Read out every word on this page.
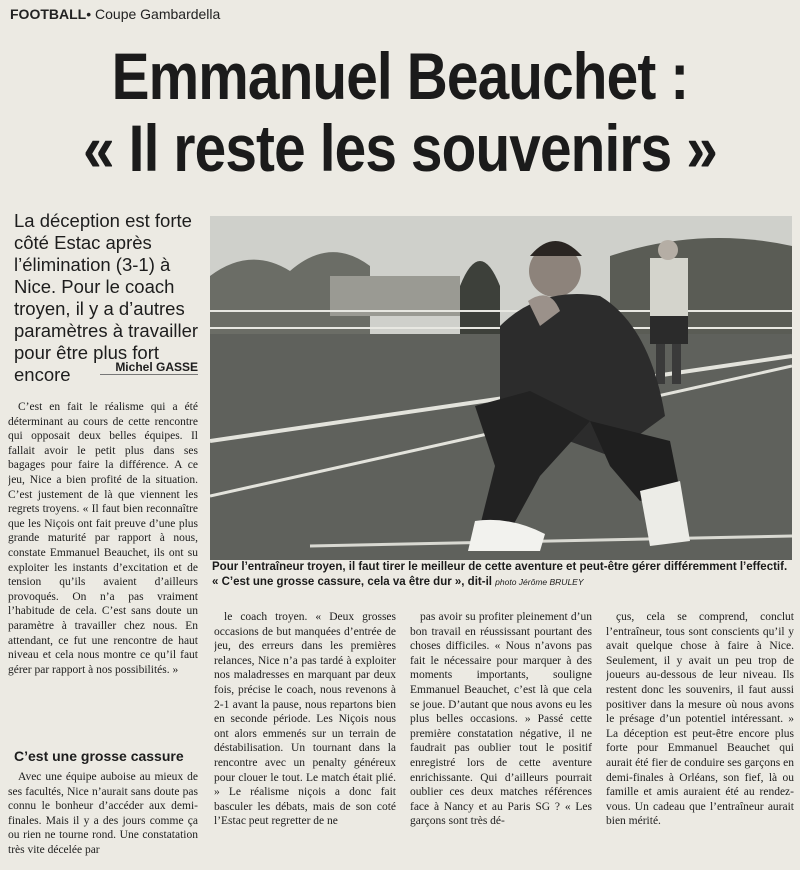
FOOTBALL• Coupe Gambardella
Emmanuel Beauchet :
« Il reste les souvenirs »

La déception est forte côté Estac après l’élimination (3-1) à Nice. Pour le coach troyen, il y a d’autres paramètres à travailler pour être plus fort encore	Michel GASSE
Pour l’entraîneur troyen, il faut tirer le meilleur de cette aventure et peut-être gérer différemment l’effectif. « C’est une grosse cassure, cela va être dur », dit-il photo Jérôme BRULEY

C’est en fait le réalisme qui a été déterminant au cours de cette rencontre qui opposait deux belles équipes. Il fallait avoir le petit plus dans ses bagages pour faire la différence. A ce jeu, Nice a bien profité de la situation. C’est justement de là que viennent les regrets troyens. « Il faut bien reconnaître que les Niçois ont fait preuve d’une plus grande maturité par rapport à nous, constate Emmanuel Beauchet, ils ont su exploiter les instants d’excitation et de tension qu’ils avaient d’ailleurs provoqués. On n’a pas vraiment l’habitude de cela. C’est sans doute un paramètre à travailler chez nous. En attendant, ce fut une rencontre de haut niveau et cela nous montre ce qu’il faut gérer par rapport à nos possibilités. »

C’est une grosse cassure

Avec une équipe auboise au mieux de ses facultés, Nice n’aurait sans doute pas connu le bonheur d’accéder aux demi-finales. Mais il y a des jours comme ça ou rien ne tourne rond. Une constatation très vite décelée par

le coach troyen. « Deux grosses occasions de but manquées d’entrée de jeu, des erreurs dans les premières relances, Nice n’a pas tardé à exploiter nos maladresses en marquant par deux fois, précise le coach, nous revenons à 2-1 avant la pause, nous repartons bien en seconde période. Les Niçois nous ont alors emmenés sur un terrain de déstabilisation. Un tournant dans la rencontre avec un penalty généreux pour clouer le tout. Le match était plié. » Le réalisme niçois a donc fait basculer les débats, mais de son coté l’Estac peut regretter de ne

pas avoir su profiter pleinement d’un bon travail en réussissant pourtant des choses difficiles. « Nous n’avons pas fait le nécessaire pour marquer à des moments importants, souligne Emmanuel Beauchet, c’est là que cela se joue. D’autant que nous avons eu les plus belles occasions. » Passé cette première constatation négative, il ne faudrait pas oublier tout le positif enregistré lors de cette aventure enrichissante. Qui d’ailleurs pourrait oublier ces deux matches références face à Nancy et au Paris SG ? « Les garçons sont très dé-

çus, cela se comprend, conclut l’entraîneur, tous sont conscients qu’il y avait quelque chose à faire à Nice. Seulement, il y avait un peu trop de joueurs au-dessous de leur niveau. Ils restent donc les souvenirs, il faut aussi positiver dans la mesure où nous avons le présage d’un potentiel intéressant. » La déception est peut-être encore plus forte pour Emmanuel Beauchet qui aurait été fier de conduire ses garçons en demi-finales à Orléans, son fief, là ou famille et amis auraient été au rendez-vous. Un cadeau que l’entraîneur aurait bien mérité.
